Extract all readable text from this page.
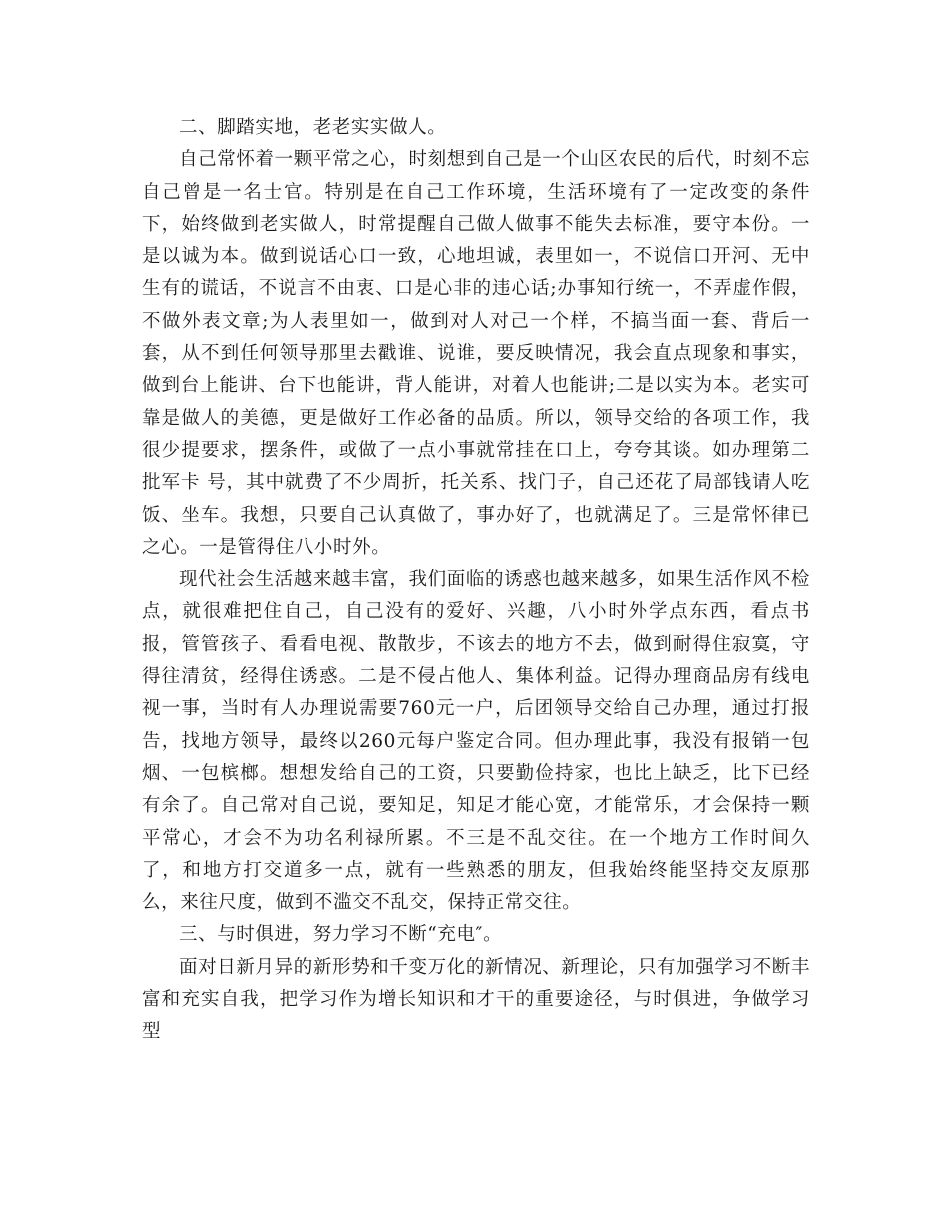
二、脚踏实地，老老实实做人。

自己常怀着一颗平常之心，时刻想到自己是一个山区农民的后代，时刻不忘自己曾是一名士官。特别是在自己工作环境，生活环境有了一定改变的条件下，始终做到老实做人，时常提醒自己做人做事不能失去标准，要守本份。一是以诚为本。做到说话心口一致，心地坦诚，表里如一，不说信口开河、无中生有的谎话，不说言不由衷、口是心非的违心话;办事知行统一，不弄虚作假，不做外表文章;为人表里如一，做到对人对己一个样，不搞当面一套、背后一套，从不到任何领导那里去戳谁、说谁，要反映情况，我会直点现象和事实，做到台上能讲、台下也能讲，背人能讲，对着人也能讲;二是以实为本。老实可靠是做人的美德，更是做好工作必备的品质。所以，领导交给的各项工作，我很少提要求，摆条件，或做了一点小事就常挂在口上，夸夸其谈。如办理第二批军卡 号，其中就费了不少周折，托关系、找门子，自己还花了局部钱请人吃饭、坐车。我想，只要自己认真做了，事办好了，也就满足了。三是常怀律已之心。一是管得住八小时外。

现代社会生活越来越丰富，我们面临的诱惑也越来越多，如果生活作风不检点，就很难把住自己，自己没有的爱好、兴趣，八小时外学点东西，看点书报，管管孩子、看看电视、散散步，不该去的地方不去，做到耐得住寂寞，守得往清贫，经得住诱惑。二是不侵占他人、集体利益。记得办理商品房有线电视一事，当时有人办理说需要760元一户，后团领导交给自己办理，通过打报告，找地方领导，最终以260元每户鉴定合同。但办理此事，我没有报销一包烟、一包槟榔。想想发给自己的工资，只要勤俭持家，也比上缺乏，比下已经有余了。自己常对自己说，要知足，知足才能心宽，才能常乐，才会保持一颗平常心，才会不为功名利禄所累。不三是不乱交往。在一个地方工作时间久了，和地方打交道多一点，就有一些熟悉的朋友，但我始终能坚持交友原那么，来往尺度，做到不滥交不乱交，保持正常交往。

三、与时俱进，努力学习不断“充电″。

面对日新月异的新形势和千变万化的新情况、新理论，只有加强学习不断丰富和充实自我，把学习作为增长知识和才干的重要途径，与时俱进，争做学习型
